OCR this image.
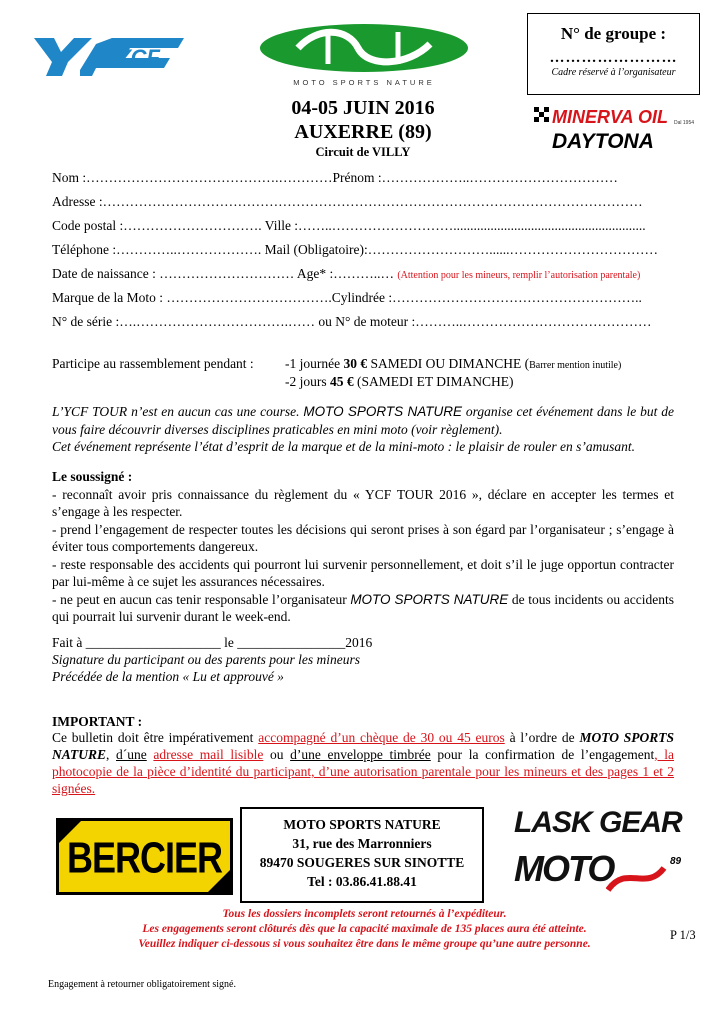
YCF
MOTO SPORTS NATURE
N° de groupe :
……………………
Cadre réservé à l’organisateur
04-05 JUIN 2016
AUXERRE (89)
Circuit de VILLY
MINERVA OIL Dal 1954
DAYTONA
Nom :…………………………………….…………Prénom :………………..……………………………
Adresse :…………………………………………………………………………………………………………
Code postal :…………………………. Ville :……..……………………….........................................................
Téléphone :…………..………………. Mail (Obligatoire):………………………......……………………………
Date de naissance : ………………………… Age* :………..… (Attention pour les mineurs, remplir l’autorisation parentale)
Marque de la Moto : ……………………………….Cylindrée :………………………………………………..
N° de série :….…………………………….…… ou N° de moteur :………..……………………………………
Participe au rassemblement pendant : -1 journée 30 € SAMEDI OU DIMANCHE (Barrer mention inutile)
-2 jours 45 € (SAMEDI ET DIMANCHE)
L’YCF TOUR n’est en aucun cas une course. MOTO SPORTS NATURE organise cet événement dans le but de vous faire découvrir diverses disciplines praticables en mini moto (voir règlement).
Cet événement représente l’état d’esprit de la marque et de la mini-moto : le plaisir de rouler en s’amusant.
Le soussigné :
- reconnaît avoir pris connaissance du règlement du « YCF TOUR 2016 », déclare en accepter les termes et s’engage à les respecter.
- prend l’engagement de respecter toutes les décisions qui seront prises à son égard par l’organisateur ; s’engage à éviter tous comportements dangereux.
- reste responsable des accidents qui pourront lui survenir personnellement, et doit s’il le juge opportun contracter par lui-même à ce sujet les assurances nécessaires.
- ne peut en aucun cas tenir responsable l’organisateur MOTO SPORTS NATURE de tous incidents ou accidents qui pourrait lui survenir durant le week-end.
Fait à ____________________ le ________________2016
Signature du participant ou des parents pour les mineurs
Précédée de la mention « Lu et approuvé »
IMPORTANT :
Ce bulletin doit être impérativement accompagné d’un chèque de 30 ou 45 euros à l’ordre de MOTO SPORTS NATURE, d´une adresse mail lisible ou d’une enveloppe timbrée pour la confirmation de l’engagement, la photocopie de la pièce d’identité du participant, d’une autorisation parentale pour les mineurs et des pages 1 et 2 signées.
BERCIER
MOTO SPORTS NATURE
31, rue des Marronniers
89470 SOUGERES SUR SINOTTE
Tel : 03.86.41.88.41
LASK GEAR
MOTO	89
Tous les dossiers incomplets seront retournés à l’expéditeur.
Les engagements seront clôturés dès que la capacité maximale de 135 places aura été atteinte.
Veuillez indiquer ci-dessous si vous souhaitez être dans le même groupe qu’une autre personne.
P 1/3
Engagement à retourner obligatoirement signé.
